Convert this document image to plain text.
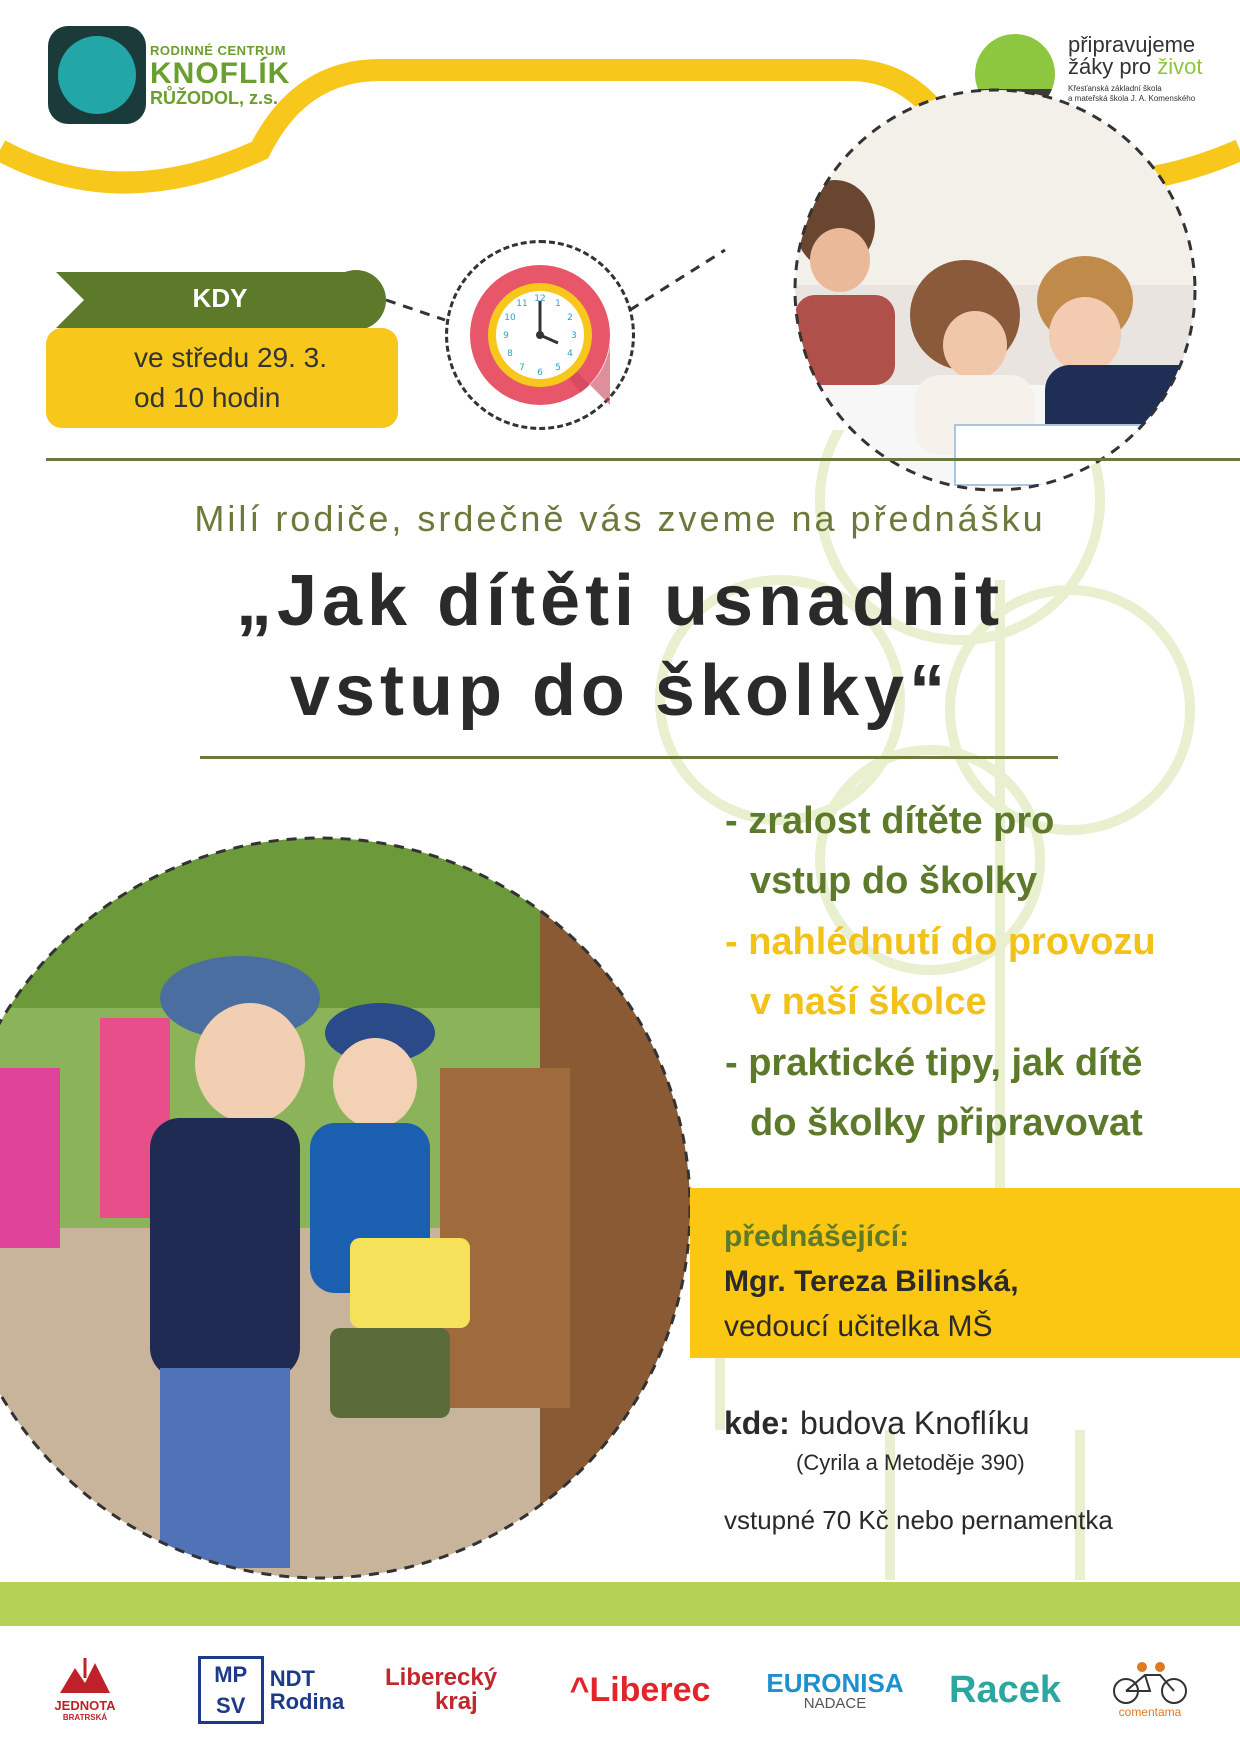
RODINNÉ CENTRUM
KNOFLÍK
RŮŽODOL, z.s.
připravujeme
žáky pro život
Křesťanská základní škola
a mateřská škola J. A. Komenského
KDY
ve středu 29. 3.
od 10 hodin
12
3
6
9
1
2
4
5
7
8
10
11
Milí rodiče, srdečně vás zveme na přednášku
„Jak dítěti usnadnit
vstup do školky“
- zralost dítěte pro
vstup do školky
- nahlédnutí do provozu
v naší školce
- praktické tipy, jak dítě
do školky připravovat
přednášející:
Mgr. Tereza Bilinská,
vedoucí učitelka MŠ
kde: budova Knoflíku
(Cyrila a Metoděje 390)
vstupné 70 Kč nebo pernamentka
JEDNOTA
BRATRSKÁ
MP
SV
NDT
Rodina
Liberecký
kraj	^Liberec	EURONISA
NADACE Racek
comentama
